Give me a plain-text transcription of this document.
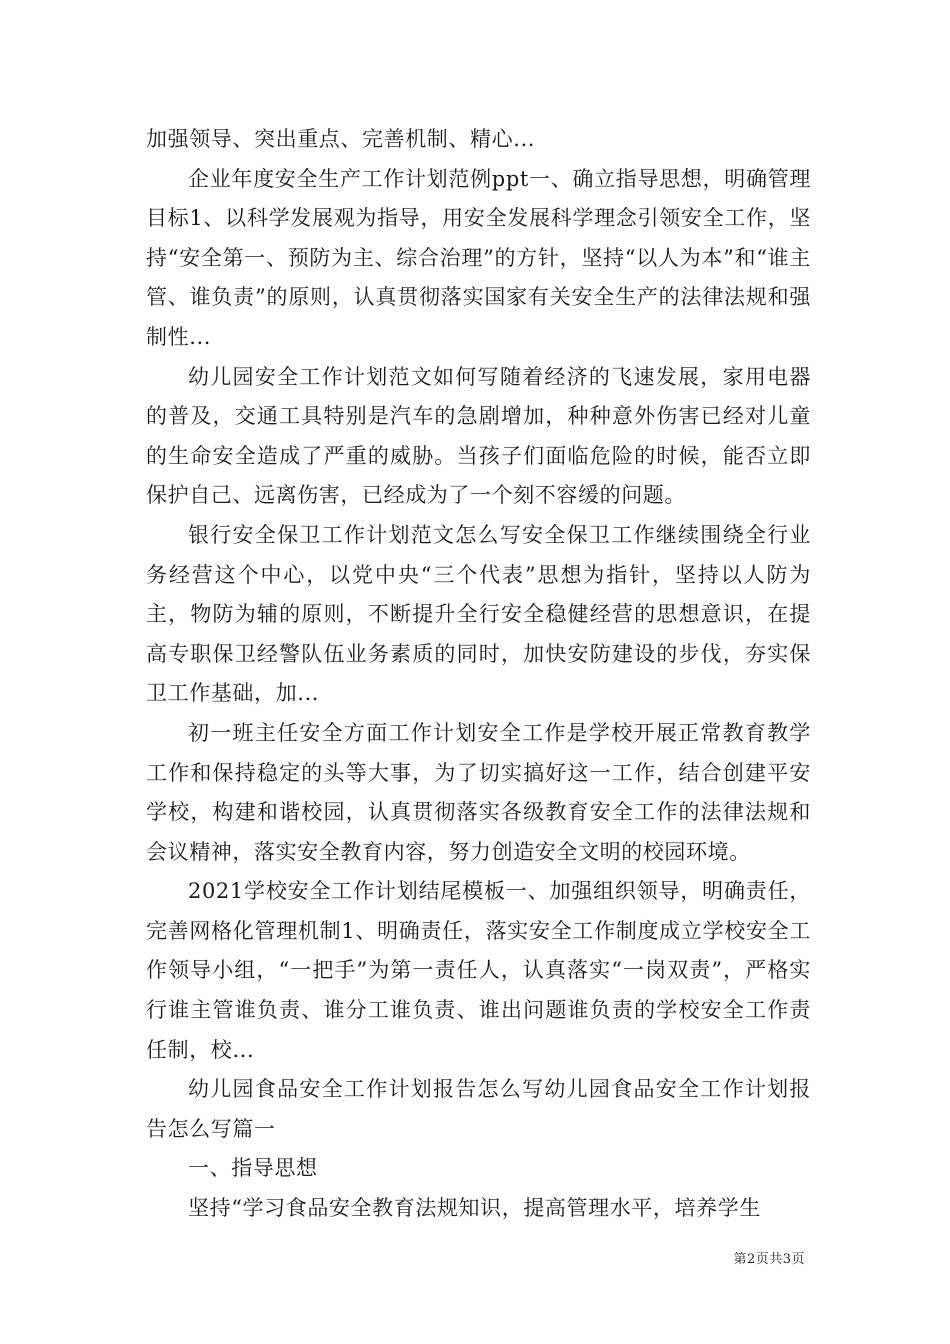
加强领导、突出重点、完善机制、精心...

企业年度安全生产工作计划范例ppt一、确立指导思想，明确管理目标1、以科学发展观为指导，用安全发展科学理念引领安全工作，坚持“安全第一、预防为主、综合治理”的方针，坚持“以人为本”和“谁主管、谁负责”的原则，认真贯彻落实国家有关安全生产的法律法规和强制性...

幼儿园安全工作计划范文如何写随着经济的飞速发展，家用电器的普及，交通工具特别是汽车的急剧增加，种种意外伤害已经对儿童的生命安全造成了严重的威胁。当孩子们面临危险的时候，能否立即保护自己、远离伤害，已经成为了一个刻不容缓的问题。

银行安全保卫工作计划范文怎么写安全保卫工作继续围绕全行业务经营这个中心，以党中央“三个代表”思想为指针，坚持以人防为主，物防为辅的原则，不断提升全行安全稳健经营的思想意识，在提高专职保卫经警队伍业务素质的同时，加快安防建设的步伐，夯实保卫工作基础，加...

初一班主任安全方面工作计划安全工作是学校开展正常教育教学工作和保持稳定的头等大事，为了切实搞好这一工作，结合创建平安学校，构建和谐校园，认真贯彻落实各级教育安全工作的法律法规和会议精神，落实安全教育内容，努力创造安全文明的校园环境。

2021学校安全工作计划结尾模板一、加强组织领导，明确责任，完善网格化管理机制1、明确责任，落实安全工作制度成立学校安全工作领导小组，“一把手”为第一责任人，认真落实“一岗双责”，严格实行谁主管谁负责、谁分工谁负责、谁出问题谁负责的学校安全工作责任制，校...

幼儿园食品安全工作计划报告怎么写幼儿园食品安全工作计划报告怎么写篇一

一、指导思想

坚持“学习食品安全教育法规知识，提高管理水平，培养学生

第2页共3页
